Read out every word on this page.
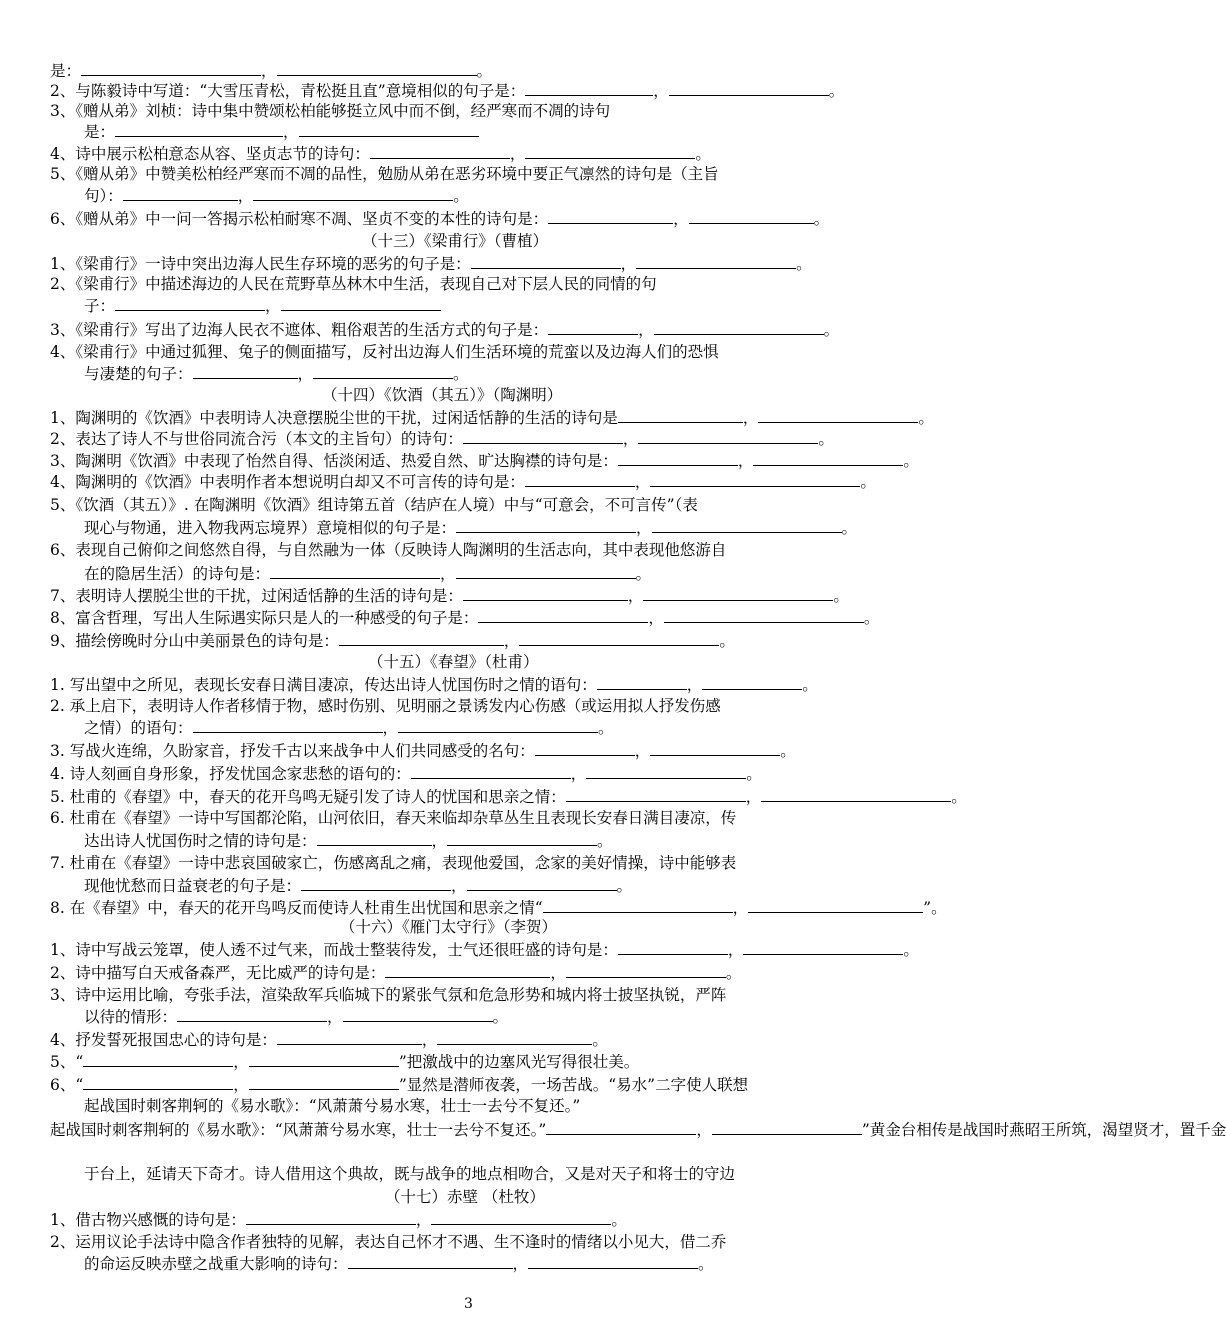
是：	，	。
2、与陈毅诗中写道：“大雪压青松，青松挺且直”意境相似的句子是：	，	。
3、《赠从弟》刘桢：诗中集中赞颂松柏能够挺立风中而不倒，经严寒而不凋的诗句
是：	，
4、诗中展示松柏意态从容、坚贞志节的诗句：	，	。
5、《赠从弟》中赞美松柏经严寒而不凋的品性，勉励从弟在恶劣环境中要正气凛然的诗句是（主旨
句）：	，	。
6、《赠从弟》中一问一答揭示松柏耐寒不凋、坚贞不变的本性的诗句是：	，	。
（十三）《梁甫行》（曹植）
1、《梁甫行》一诗中突出边海人民生存环境的恶劣的句子是：	，	。
2、《梁甫行》中描述海边的人民在荒野草丛林木中生活，表现自己对下层人民的同情的句
子：	，
3、《梁甫行》写出了边海人民衣不遮体、粗俗艰苦的生活方式的句子是：	，	。
4、《梁甫行》中通过狐狸、兔子的侧面描写，反衬出边海人们生活环境的荒蛮以及边海人们的恐惧
与凄楚的句子：	，	。
（十四）《饮酒（其五）》（陶渊明）
1、陶渊明的《饮酒》中表明诗人决意摆脱尘世的干扰，过闲适恬静的生活的诗句是	，	。
2、表达了诗人不与世俗同流合污（本文的主旨句）的诗句：	，	。
3、陶渊明《饮酒》中表现了怡然自得、恬淡闲适、热爱自然、旷达胸襟的诗句是：	，	。
4、陶渊明的《饮酒》中表明作者本想说明白却又不可言传的诗句是：	，	。
5、《饮酒（其五）》. 在陶渊明《饮酒》组诗第五首（结庐在人境）中与“可意会，不可言传”（表
现心与物通，进入物我两忘境界）意境相似的句子是：	，	。
6、表现自己俯仰之间悠然自得，与自然融为一体（反映诗人陶渊明的生活志向，其中表现他悠游自
在的隐居生活）的诗句是：	，	。
7、表明诗人摆脱尘世的干扰，过闲适恬静的生活的诗句是：	，	。
8、富含哲理，写出人生际遇实际只是人的一种感受的句子是：	，	。
9、描绘傍晚时分山中美丽景色的诗句是：	，	。
（十五）《春望》（杜甫）
1. 写出望中之所见，表现长安春日满目凄凉，传达出诗人忧国伤时之情的语句：	，	。
2. 承上启下，表明诗人作者移情于物，感时伤别、见明丽之景诱发内心伤感（或运用拟人抒发伤感
之情）的语句：	，	。
3. 写战火连绵，久盼家音，抒发千古以来战争中人们共同感受的名句：	，	。
4. 诗人刻画自身形象，抒发忧国念家悲愁的语句的：	，	。
5. 杜甫的《春望》中，春天的花开鸟鸣无疑引发了诗人的忧国和思亲之情：	，	。
6. 杜甫在《春望》一诗中写国都沦陷，山河依旧，春天来临却杂草丛生且表现长安春日满目凄凉，传
达出诗人忧国伤时之情的诗句是：	，	。
7. 杜甫在《春望》一诗中悲哀国破家亡，伤感离乱之痛，表现他爱国，念家的美好情操，诗中能够表
现他忧愁而日益衰老的句子是：	，	。
8. 在《春望》中，春天的花开鸟鸣反而使诗人杜甫生出忧国和思亲之情“	，	”。
（十六）《雁门太守行》（李贺）
1、诗中写战云笼罩，使人透不过气来，而战士整装待发，士气还很旺盛的诗句是：	，	。
2、诗中描写白天戒备森严，无比威严的诗句是：	，	。
3、诗中运用比喻，夸张手法，渲染敌军兵临城下的紧张气氛和危急形势和城内将士披坚执锐，严阵
以待的情形：	，	。
4、抒发誓死报国忠心的诗句是：	，	。
起战国时刺客荆轲的《易水歌》：“风萧萧兮易水寒，壮士一去兮不复还。”
于台上，延请天下奇才。诗人借用这个典故，既与战争的地点相吻合，又是对天子和将士的守边
（十七）赤壁 （杜牧）
1、借古物兴感慨的诗句是：	，	。
2、运用议论手法诗中隐含作者独特的见解，表达自己怀才不遇、生不逢时的情绪以小见大，借二乔
的命运反映赤壁之战重大影响的诗句：	，	。
5、“	，	”把激战中的边塞风光写得很壮美。
6、“	，	”显然是潜师夜袭，一场苦战。“易水”二字使人联想
起战国时刺客荆轲的《易水歌》：“风萧萧兮易水寒，壮士一去兮不复还。”	，	”黄金台相传是战国时燕昭王所筑，渴望贤才，置千金
3
